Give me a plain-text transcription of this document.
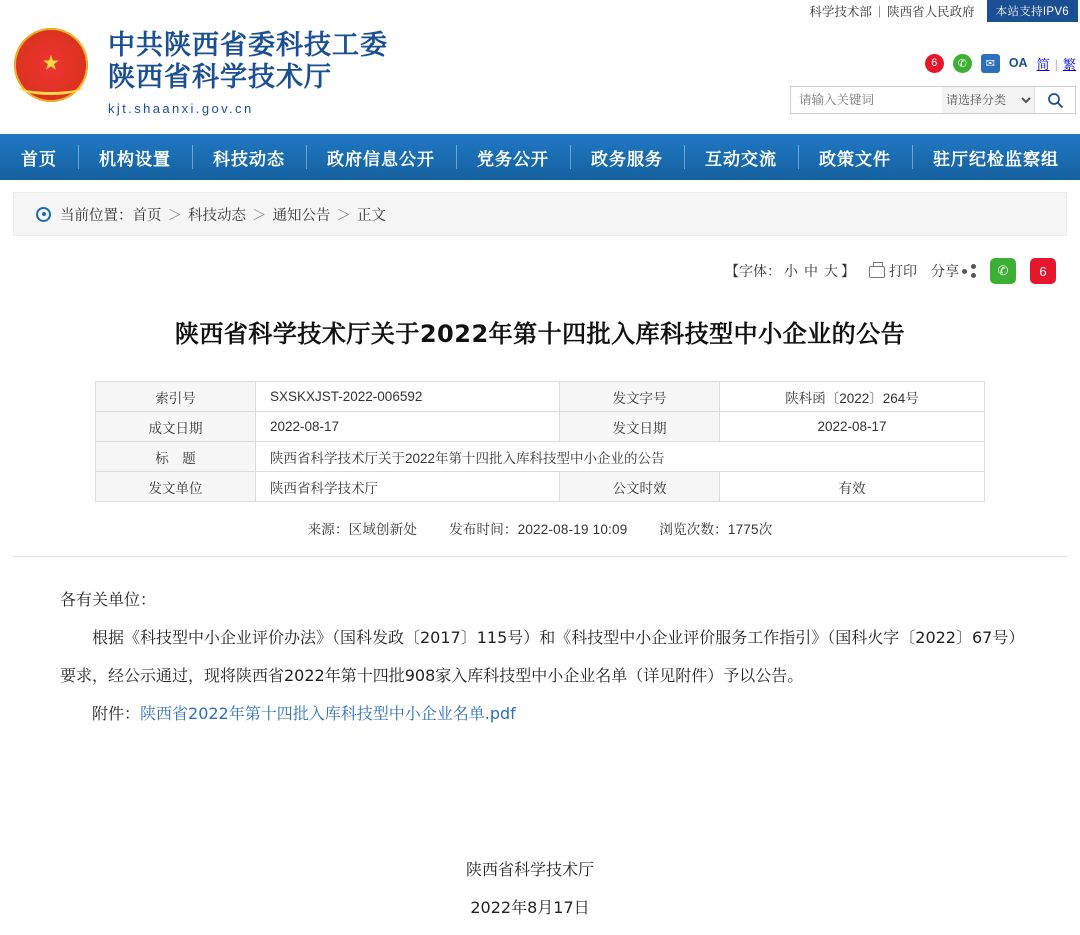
科学技术部 | 陕西省人民政府	本站支持IPV6
★
中共陕西省委科技工委
陕西省科学技术厅
kjt.shaanxi.gov.cn
6	✆	✉	OA 简 | 繁
请输入关键词
请选择分类
首页	机构设置	科技动态	政府信息公开	党务公开	政务服务	互动交流	政策文件	驻厅纪检监察组
当前位置： 首页 ＞ 科技动态 ＞ 通知公告 ＞ 正文
【字体： 小 中 大 】	打印 分享	✆	6
陕西省科学技术厅关于2022年第十四批入库科技型中小企业的公告
索引号	SXSKXJST-2022-006592	发文字号	陕科函〔2022〕264号
成文日期	2022-08-17	发文日期	2022-08-17
标　题	陕西省科学技术厅关于2022年第十四批入库科技型中小企业的公告		
发文单位	陕西省科学技术厅	公文时效	有效
来源：区域创新处 发布时间：2022-08-19 10:09 浏览次数：1775次

各有关单位：

根据《科技型中小企业评价办法》（国科发政〔2017〕115号）和《科技型中小企业评价服务工作指引》（国科火字〔2022〕67号）要求，经公示通过，现将陕西省2022年第十四批908家入库科技型中小企业名单（详见附件）予以公告。

附件：陕西省2022年第十四批入库科技型中小企业名单.pdf

陕西省科学技术厅
2022年8月17日
